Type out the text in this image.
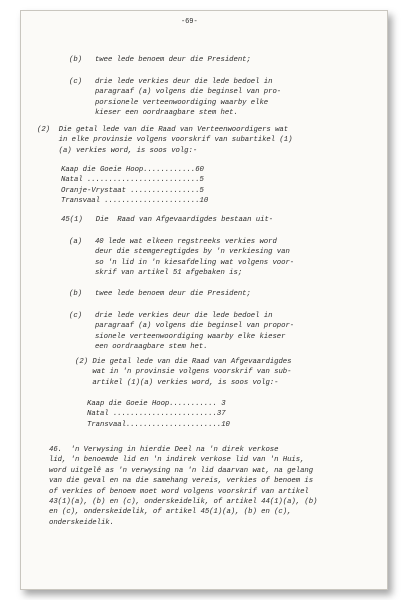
-69-
(b)   twee lede benoem deur die President;
(c)   drie lede verkies deur die lede bedoel in
paragraaf (a) volgens die beginsel van pro-
porsionele verteenwoordiging waarby elke
kieser een oordraagbare stem het.
(2)  Die getal lede van die Raad van Verteenwoordigers wat
in elke provinsie volgens voorskrif van subartikel (1)
(a) verkies word, is soos volg:-
Kaap die Goeie Hoop............60
Natal ..........................5
Oranje-Vrystaat ................5
Transvaal ......................10
45(1)   Die  Raad van Afgevaardigdes bestaan uit-
(a)   40 lede wat elkeen regstreeks verkies word
deur die stemgeregtigdes by 'n verkiesing van
so 'n lid in 'n kiesafdeling wat volgens voor-
skrif van artikel 51 afgebaken is;
(b)   twee lede benoem deur die President;
(c)   drie lede verkies deur die lede bedoel in
paragraaf (a) volgens die beginsel van propor-
sionele verteenwoordiging waarby elke kieser
een oordraagbare stem het.
(2) Die getal lede van die Raad van Afgevaardigdes
wat in 'n provinsie volgens voorskrif van sub-
artikel (1)(a) verkies word, is soos volg:-
Kaap die Goeie Hoop........... 3
Natal ........................37
Transvaal......................10
46.  'n Verwysing in hierdie Deel na 'n direk verkose
lid, 'n benoemde lid en 'n indirek verkose lid van 'n Huis,
word uitgelê as 'n verwysing na 'n lid daarvan wat, na gelang
van die geval en na die samehang vereis, verkies of benoem is
of verkies of benoem moet word volgens voorskrif van artikel
43(1)(a), (b) en (c), onderskeidelik, of artikel 44(1)(a), (b)
en (c), onderskeidelik, of artikel 45(1)(a), (b) en (c),
onderskeidelik.
